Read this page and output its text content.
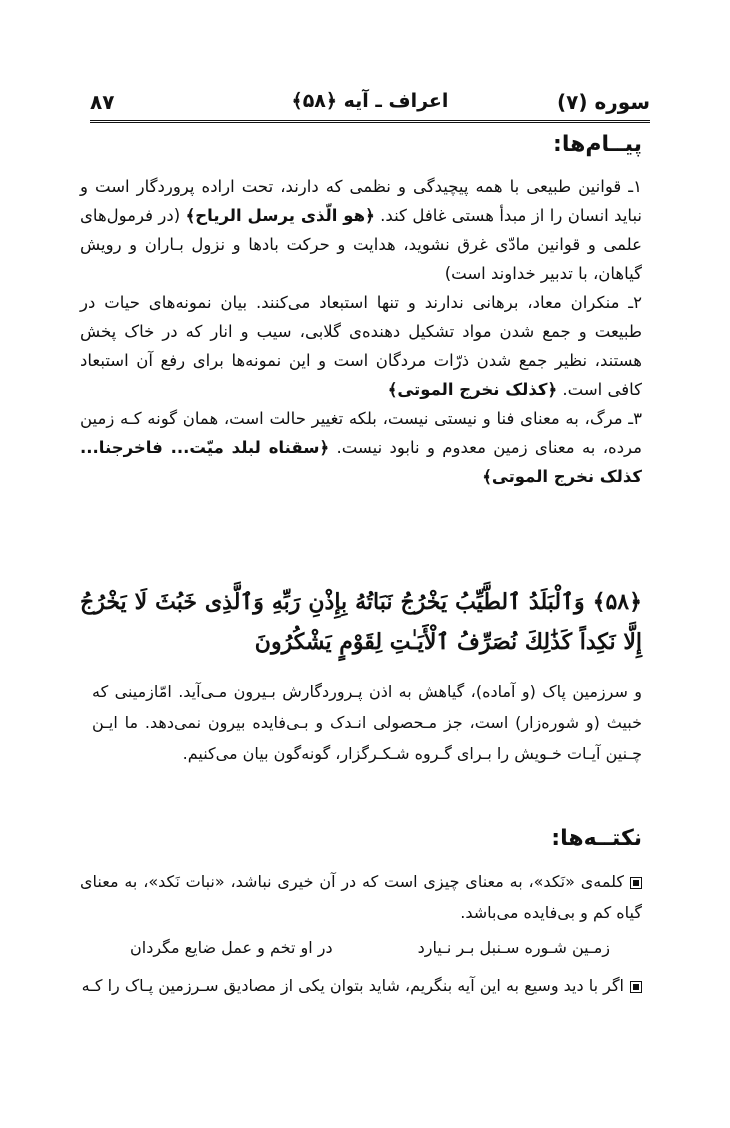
سوره (۷)
اعراف ـ آیه ﴿۵۸﴾
۸۷
پیــام‌ها:

۱ـ قوانین طبیعی با همه پیچیدگی و نظمی که دارند، تحت اراده پروردگار است و نباید انسان را از مبدأ هستی غافل کند. ﴿هو الّذی یرسل الریاح﴾ (در فرمول‌های علمی و قوانین مادّی غرق نشوید، هدایت و حرکت بادها و نزول بـاران و رویش گیاهان، با تدبیر خداوند است)

۲ـ منکران معاد، برهانی ندارند و تنها استبعاد می‌کنند. بیان نمونه‌های حیات در طبیعت و جمع شدن مواد تشکیل دهنده‌ی گلابی، سیب و انار که در خاک پخش هستند، نظیر جمع شدن ذرّات مردگان است و این نمونه‌ها برای رفع آن استبعاد کافی است. ﴿کذلک نخرج الموتی﴾

۳ـ مرگ، به معنای فنا و نیستی نیست، بلکه تغییر حالت است، همان گونه کـه زمین مرده، به معنای زمین معدوم و نابود نیست. ﴿سقناه لبلد میّت... فاخرجنا... کذلک نخرج الموتی﴾

﴿۵۸﴾ وَٱلْبَلَدُ ٱلطَّيِّبُ يَخْرُجُ نَبَاتُهُ بِإِذْنِ رَبِّهِ وَٱلَّذِى خَبُثَ لَا يَخْرُجُ إِلَّا نَكِداً كَذَٰلِكَ نُصَرِّفُ ٱلْأَيَـٰتِ لِقَوْمٍ يَشْكُرُونَ
و سرزمین پاک (و آماده)، گیاهش به اذن پـروردگارش بـیرون مـی‌آید. امّازمینی که خبیث (و شوره‌زار) است، جز مـحصولی انـدک و بـی‌فایده بیرون نمی‌دهد. ما ایـن چـنین آیـات خـویش را بـرای گـروه شـکـرگزار، گونه‌گون بیان می‌کنیم.
نکتــه‌ها:
کلمه‌ی «نَکد»، به معنای چیزی است که در آن خیری نباشد، «نبات نَکد»، به معنای گیاه کم و بی‌فایده می‌باشد.
زمـین شـوره سـنبل بـر نـیارد
در او تخم و عمل ضایع مگردان
اگر با دید وسیع به این آیه بنگریم، شاید بتوان یکی از مصادیق سـرزمین پـاک را کـه
